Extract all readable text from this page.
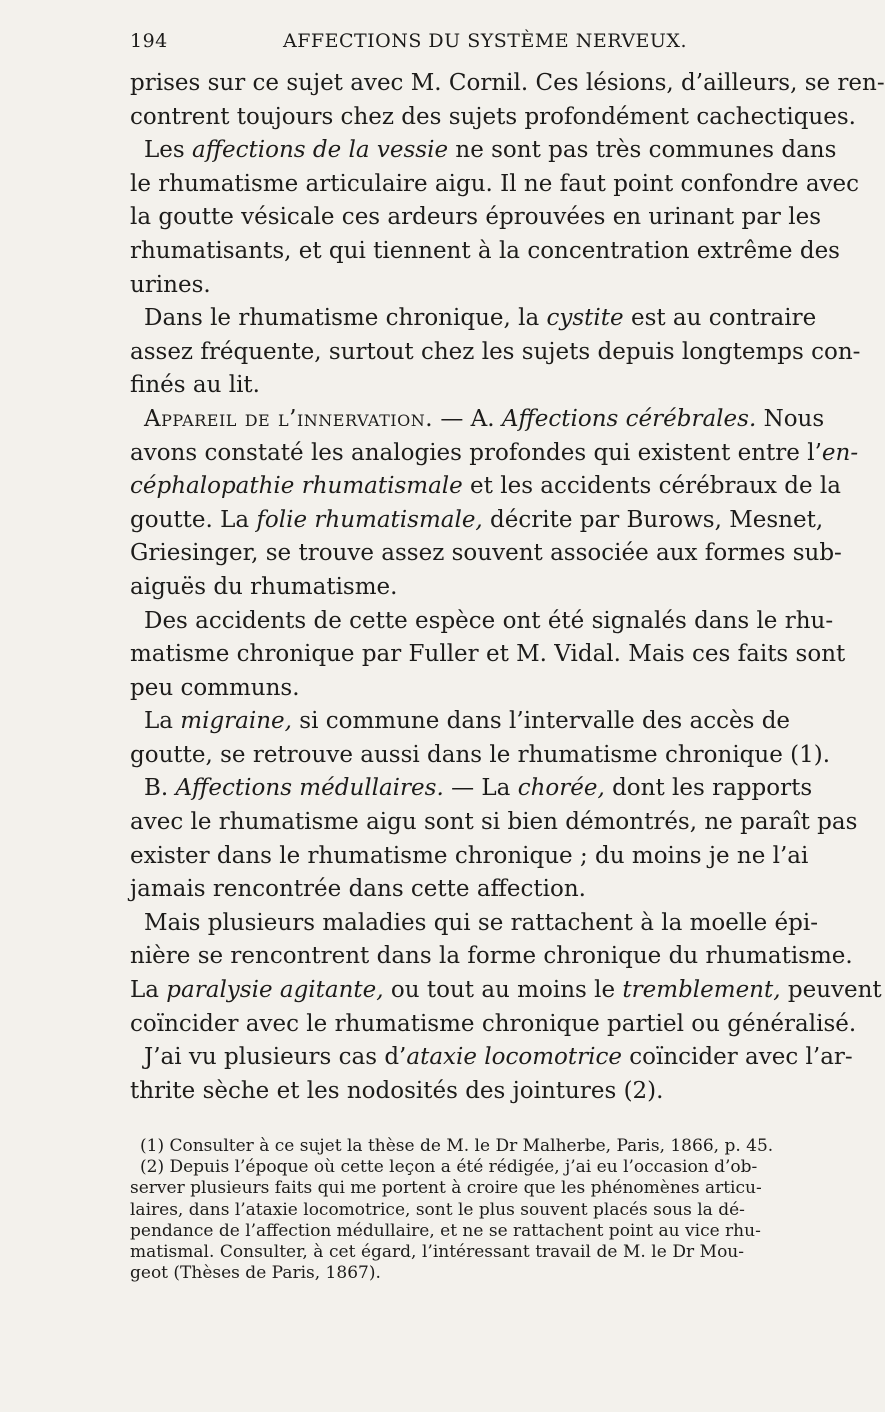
194	AFFECTIONS DU SYSTÈME NERVEUX.
prises sur ce sujet avec M. Cornil. Ces lésions, d’ailleurs, se ren-
contrent toujours chez des sujets profondément cachectiques.
Les affections de la vessie ne sont pas très communes dans
le rhumatisme articulaire aigu. Il ne faut point confondre avec
la goutte vésicale ces ardeurs éprouvées en urinant par les
rhumatisants, et qui tiennent à la concentration extrême des
urines.
Dans le rhumatisme chronique, la cystite est au contraire
assez fréquente, surtout chez les sujets depuis longtemps con-
finés au lit.
Appareil de l’innervation. — A. Affections cérébrales. Nous
avons constaté les analogies profondes qui existent entre l’en-
céphalopathie rhumatismale et les accidents cérébraux de la
goutte. La folie rhumatismale, décrite par Burows, Mesnet,
Griesinger, se trouve assez souvent associée aux formes sub-
aiguës du rhumatisme.
Des accidents de cette espèce ont été signalés dans le rhu-
matisme chronique par Fuller et M. Vidal. Mais ces faits sont
peu communs.
La migraine, si commune dans l’intervalle des accès de
goutte, se retrouve aussi dans le rhumatisme chronique (1).
B. Affections médullaires. — La chorée, dont les rapports
avec le rhumatisme aigu sont si bien démontrés, ne paraît pas
exister dans le rhumatisme chronique ; du moins je ne l’ai
jamais rencontrée dans cette affection.
Mais plusieurs maladies qui se rattachent à la moelle épi-
nière se rencontrent dans la forme chronique du rhumatisme.
La paralysie agitante, ou tout au moins le tremblement, peuvent
coïncider avec le rhumatisme chronique partiel ou généralisé.
J’ai vu plusieurs cas d’ataxie locomotrice coïncider avec l’ar-
thrite sèche et les nodosités des jointures (2).
(1) Consulter à ce sujet la thèse de M. le Dr Malherbe, Paris, 1866, p. 45.
(2) Depuis l’époque où cette leçon a été rédigée, j’ai eu l’occasion d’ob-
server plusieurs faits qui me portent à croire que les phénomènes articu-
laires, dans l’ataxie locomotrice, sont le plus souvent placés sous la dé-
pendance de l’affection médullaire, et ne se rattachent point au vice rhu-
matismal. Consulter, à cet égard, l’intéressant travail de M. le Dr Mou-
geot (Thèses de Paris, 1867).
